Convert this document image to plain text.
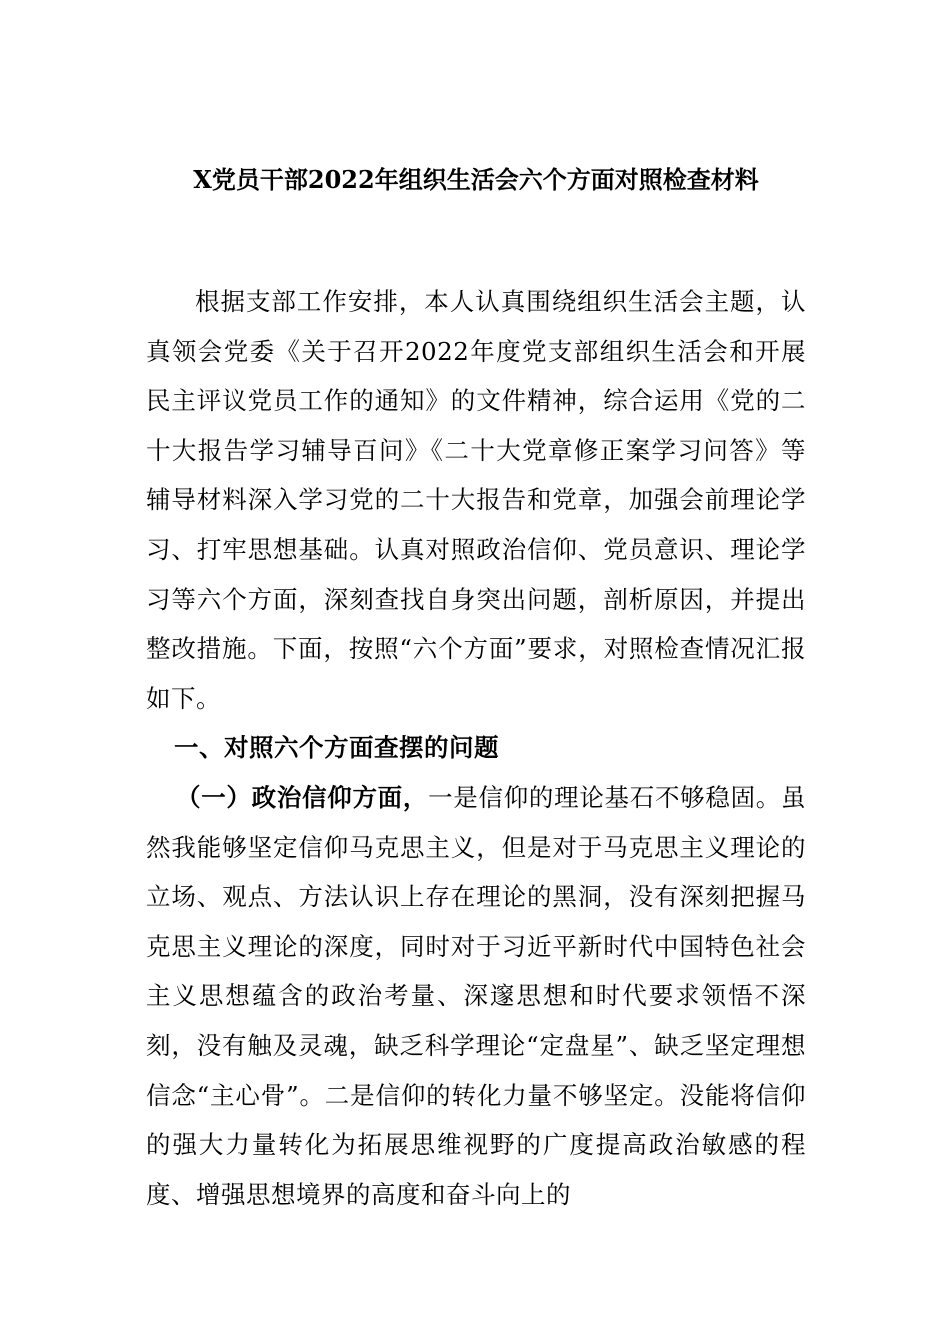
X党员干部2022年组织生活会六个方面对照检查材料

根据支部工作安排，本人认真围绕组织生活会主题，认真领会党委《关于召开2022年度党支部组织生活会和开展民主评议党员工作的通知》的文件精神，综合运用《党的二十大报告学习辅导百问》《二十大党章修正案学习问答》等辅导材料深入学习党的二十大报告和党章，加强会前理论学习、打牢思想基础。认真对照政治信仰、党员意识、理论学习等六个方面，深刻查找自身突出问题，剖析原因，并提出整改措施。下面，按照“六个方面”要求，对照检查情况汇报如下。

一、对照六个方面查摆的问题

（一）政治信仰方面，一是信仰的理论基石不够稳固。虽然我能够坚定信仰马克思主义，但是对于马克思主义理论的立场、观点、方法认识上存在理论的黑洞，没有深刻把握马克思主义理论的深度，同时对于习近平新时代中国特色社会主义思想蕴含的政治考量、深邃思想和时代要求领悟不深刻，没有触及灵魂，缺乏科学理论“定盘星”、缺乏坚定理想信念“主心骨”。二是信仰的转化力量不够坚定。没能将信仰的强大力量转化为拓展思维视野的广度提高政治敏感的程度、增强思想境界的高度和奋斗向上的
